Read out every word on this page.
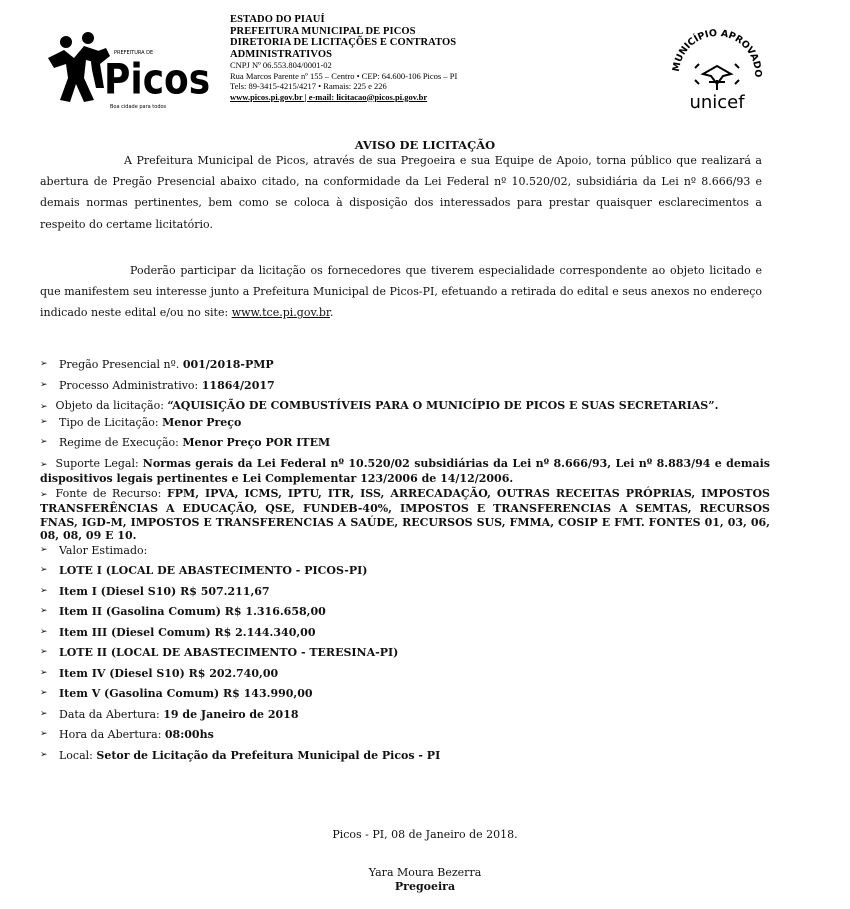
PREFEITURA DE
Picos
Boa cidade para todos
ESTADO DO PIAUÍ
PREFEITURA MUNICIPAL DE PICOS
DIRETORIA DE LICITAÇÕES E CONTRATOS
ADMINISTRATIVOS
CNPJ Nº 06.553.804/0001-02
Rua Marcos Parente nº 155 – Centro • CEP: 64.600-106 Picos – PI
Tels: 89-3415-4215/4217 • Ramais: 225 e 226
www.picos.pi.gov.br | e-mail: licitacao@picos.pi.gov.br
MUNICÍPIO APROVADO
unicef
AVISO DE LICITAÇÃO
A Prefeitura Municipal de Picos, através de sua Pregoeira e sua Equipe de Apoio, torna público que realizará a abertura de Pregão Presencial abaixo citado, na conformidade da Lei Federal nº 10.520/02, subsidiária da Lei nº 8.666/93 e demais normas pertinentes, bem como se coloca à disposição dos interessados para prestar quaisquer esclarecimentos a respeito do certame licitatório.
Poderão participar da licitação os fornecedores que tiverem especialidade correspondente ao objeto licitado e que manifestem seu interesse junto a Prefeitura Municipal de Picos-PI, efetuando a retirada do edital e seus anexos no endereço indicado neste edital e/ou no site: www.tce.pi.gov.br.
➢ Pregão Presencial nº. 001/2018-PMP
➢ Processo Administrativo: 11864/2017
➢ Objeto da licitação: “AQUISIÇÃO DE COMBUSTÍVEIS PARA O MUNICÍPIO DE PICOS E SUAS SECRETARIAS”.
➢ Tipo de Licitação: Menor Preço
➢ Regime de Execução: Menor Preço POR ITEM
➢ Suporte Legal: Normas gerais da Lei Federal nº 10.520/02 subsidiárias da Lei nº 8.666/93, Lei nº 8.883/94 e demais dispositivos legais pertinentes e Lei Complementar 123/2006 de 14/12/2006.
➢ Fonte de Recurso: FPM, IPVA, ICMS, IPTU, ITR, ISS, ARRECADAÇÃO, OUTRAS RECEITAS PRÓPRIAS, IMPOSTOS TRANSFERÊNCIAS A EDUCAÇÃO, QSE, FUNDEB-40%, IMPOSTOS E TRANSFERENCIAS A SEMTAS, RECURSOS FNAS, IGD-M, IMPOSTOS E TRANSFERENCIAS A SAÚDE, RECURSOS SUS, FMMA, COSIP E FMT. FONTES 01, 03, 06, 08, 08, 09 E 10.
➢ Valor Estimado:
➢ LOTE I (LOCAL DE ABASTECIMENTO - PICOS-PI)
➢ Item I (Diesel S10) R$ 507.211,67
➢ Item II (Gasolina Comum) R$ 1.316.658,00
➢ Item III (Diesel Comum) R$ 2.144.340,00
➢ LOTE II (LOCAL DE ABASTECIMENTO - TERESINA-PI)
➢ Item IV (Diesel S10) R$ 202.740,00
➢ Item V (Gasolina Comum) R$ 143.990,00
➢ Data da Abertura: 19 de Janeiro de 2018
➢ Hora da Abertura: 08:00hs
➢ Local: Setor de Licitação da Prefeitura Municipal de Picos - PI
Picos - PI, 08 de Janeiro de 2018.
Yara Moura Bezerra
Pregoeira
